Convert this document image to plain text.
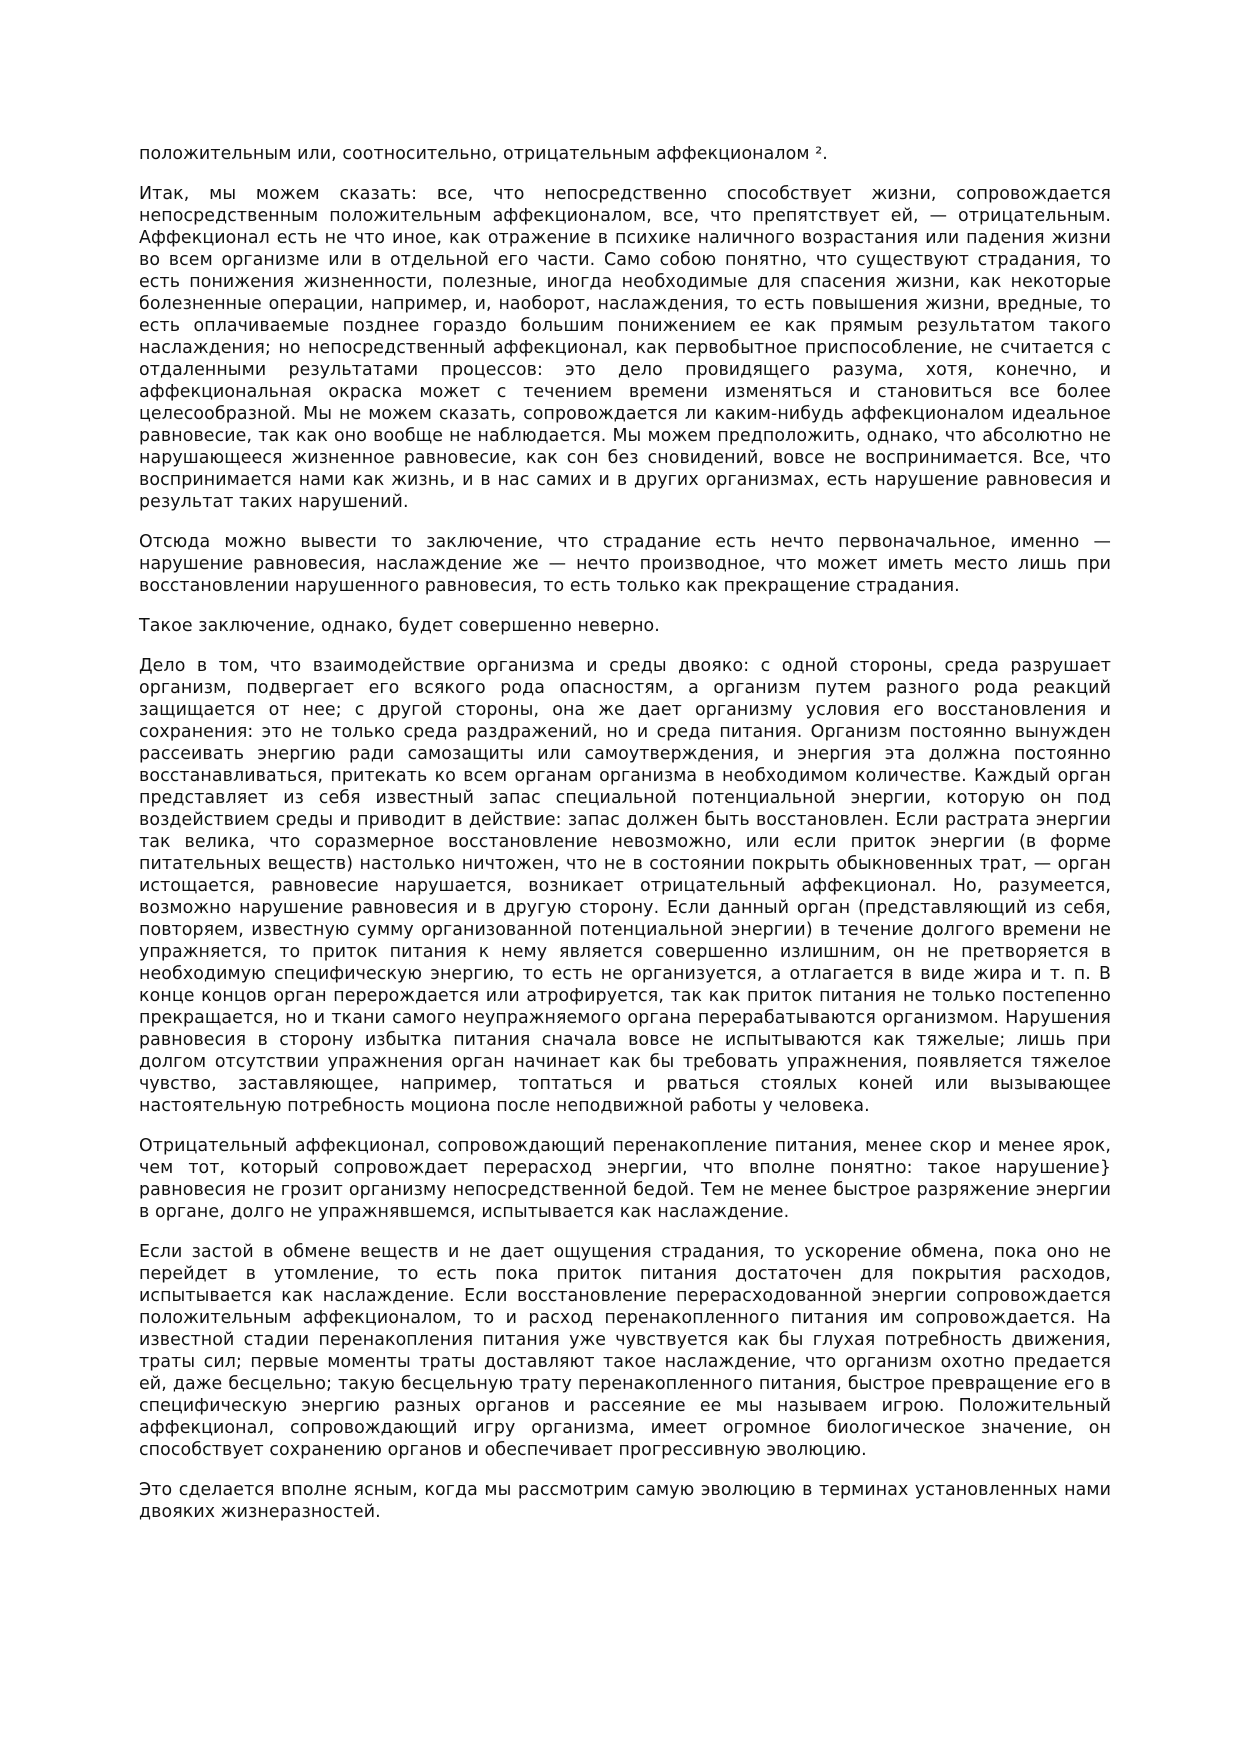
положительным или, соотносительно, отрицательным аффекционалом ².

Итак, мы можем сказать: все, что непосредственно способствует жизни, сопровождается непосредственным положительным аффекционалом, все, что препятствует ей, — отрицательным. Аффекционал есть не что иное, как отражение в психике наличного возрастания или падения жизни во всем организме или в отдельной его части. Само собою понятно, что существуют страдания, то есть понижения жизненности, полезные, иногда необходимые для спасения жизни, как некоторые болезненные операции, например, и, наоборот, наслаждения, то есть повышения жизни, вредные, то есть оплачиваемые позднее гораздо большим понижением ее как прямым результатом такого наслаждения; но непосредственный аффекционал, как первобытное приспособление, не считается с отдаленными результатами процессов: это дело провидящего разума, хотя, конечно, и аффекциональная окраска может с течением времени изменяться и становиться все более целесообразной. Мы не можем сказать, сопровождается ли каким-нибудь аффекционалом идеальное равновесие, так как оно вообще не наблюдается. Мы можем предположить, однако, что абсолютно не нарушающееся жизненное равновесие, как сон без сновидений, вовсе не воспринимается. Все, что воспринимается нами как жизнь, и в нас самих и в других организмах, есть нарушение равновесия и результат таких нарушений.

Отсюда можно вывести то заключение, что страдание есть нечто первоначальное, именно — нарушение равновесия, наслаждение же — нечто производное, что может иметь место лишь при восстановлении нарушенного равновесия, то есть только как прекращение страдания.

Такое заключение, однако, будет совершенно неверно.

Дело в том, что взаимодействие организма и среды двояко: с одной стороны, среда разрушает организм, подвергает его всякого рода опасностям, а организм путем разного рода реакций защищается от нее; с другой стороны, она же дает организму условия его восстановления и сохранения: это не только среда раздражений, но и среда питания. Организм постоянно вынужден рассеивать энергию ради самозащиты или самоутверждения, и энергия эта должна постоянно восстанавливаться, притекать ко всем органам организма в необходимом количестве. Каждый орган представляет из себя известный запас специальной потенциальной энергии, которую он под воздействием среды и приводит в действие: запас должен быть восстановлен. Если растрата энергии так велика, что соразмерное восстановление невозможно, или если приток энергии (в форме питательных веществ) настолько ничтожен, что не в состоянии покрыть обыкновенных трат, — орган истощается, равновесие нарушается, возникает отрицательный аффекционал. Но, разумеется, возможно нарушение равновесия и в другую сторону. Если данный орган (представляющий из себя, повторяем, известную сумму организованной потенциальной энергии) в течение долгого времени не упражняется, то приток питания к нему является совершенно излишним, он не претворяется в необходимую специфическую энергию, то есть не организуется, а отлагается в виде жира и т. п. В конце концов орган перерождается или атрофируется, так как приток питания не только постепенно прекращается, но и ткани самого неупражняемого органа перерабатываются организмом. Нарушения равновесия в сторону избытка питания сначала вовсе не испытываются как тяжелые; лишь при долгом отсутствии упражнения орган начинает как бы требовать упражнения, появляется тяжелое чувство, заставляющее, например, топтаться и рваться стоялых коней или вызывающее настоятельную потребность моциона после неподвижной работы у человека.

Отрицательный аффекционал, сопровождающий перенакопление питания, менее скор и менее ярок, чем тот, который сопровождает перерасход энергии, что вполне понятно: такое нарушение} равновесия не грозит организму непосредственной бедой. Тем не менее быстрое разряжение энергии в органе, долго не упражнявшемся, испытывается как наслаждение.

Если застой в обмене веществ и не дает ощущения страдания, то ускорение обмена, пока оно не перейдет в утомление, то есть пока приток питания достаточен для покрытия расходов, испытывается как наслаждение. Если восстановление перерасходованной энергии сопровождается положительным аффекционалом, то и расход перенакопленного питания им сопровождается. На известной стадии перенакопления питания уже чувствуется как бы глухая потребность движения, траты сил; первые моменты траты доставляют такое наслаждение, что организм охотно предается ей, даже бесцельно; такую бесцельную трату перенакопленного питания, быстрое превращение его в специфическую энергию разных органов и рассеяние ее мы называем игрою. Положительный аффекционал, сопровождающий игру организма, имеет огромное биологическое значение, он способствует сохранению органов и обеспечивает прогрессивную эволюцию.

Это сделается вполне ясным, когда мы рассмотрим самую эволюцию в терминах установленных нами двояких жизнеразностей.
